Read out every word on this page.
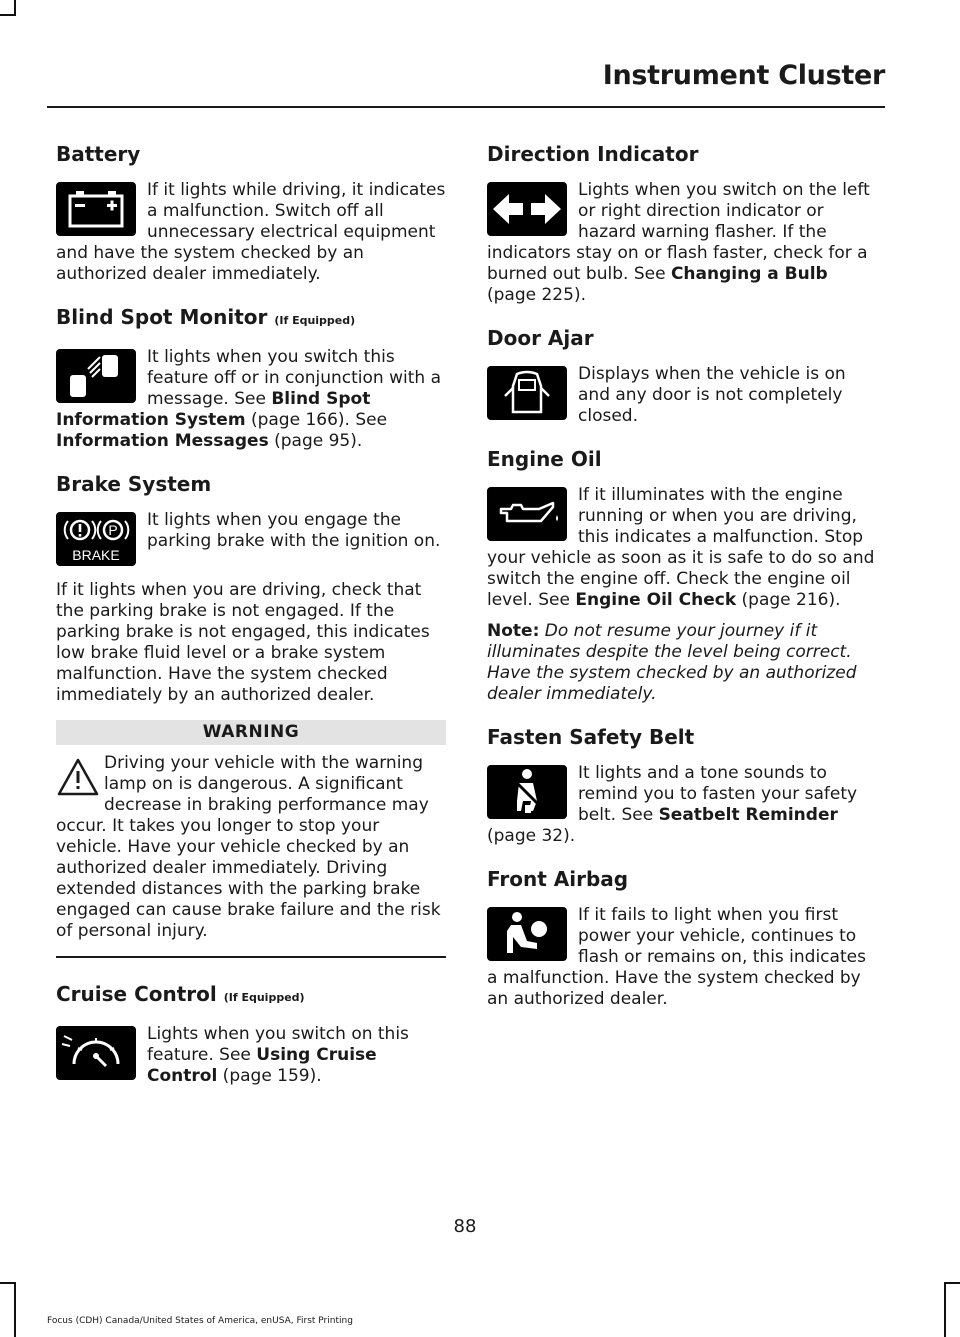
Instrument Cluster
Battery
If it lights while driving, it indicates a malfunction. Switch off all unnecessary electrical equipment and have the system checked by an authorized dealer immediately.
Blind Spot Monitor (If Equipped)
It lights when you switch this feature off or in conjunction with a message. See Blind Spot Information System (page 166). See Information Messages (page 95).
Brake System
P
BRAKE
It lights when you engage the parking brake with the ignition on.
If it lights when you are driving, check that the parking brake is not engaged. If the parking brake is not engaged, this indicates low brake fluid level or a brake system malfunction. Have the system checked immediately by an authorized dealer.
WARNING
Driving your vehicle with the warning lamp on is dangerous. A significant decrease in braking performance may occur. It takes you longer to stop your vehicle. Have your vehicle checked by an authorized dealer immediately. Driving extended distances with the parking brake engaged can cause brake failure and the risk of personal injury.
Cruise Control (If Equipped)
Lights when you switch on this feature. See Using Cruise Control (page 159).
Direction Indicator
Lights when you switch on the left or right direction indicator or hazard warning flasher. If the indicators stay on or flash faster, check for a burned out bulb. See Changing a Bulb (page 225).
Door Ajar
Displays when the vehicle is on and any door is not completely closed.
Engine Oil
If it illuminates with the engine running or when you are driving, this indicates a malfunction. Stop your vehicle as soon as it is safe to do so and switch the engine off. Check the engine oil level. See Engine Oil Check (page 216).
Note: Do not resume your journey if it illuminates despite the level being correct. Have the system checked by an authorized dealer immediately.
Fasten Safety Belt
It lights and a tone sounds to remind you to fasten your safety belt. See Seatbelt Reminder (page 32).
Front Airbag
If it fails to light when you first power your vehicle, continues to flash or remains on, this indicates a malfunction. Have the system checked by an authorized dealer.
88
Focus (CDH) Canada/United States of America, enUSA, First Printing
